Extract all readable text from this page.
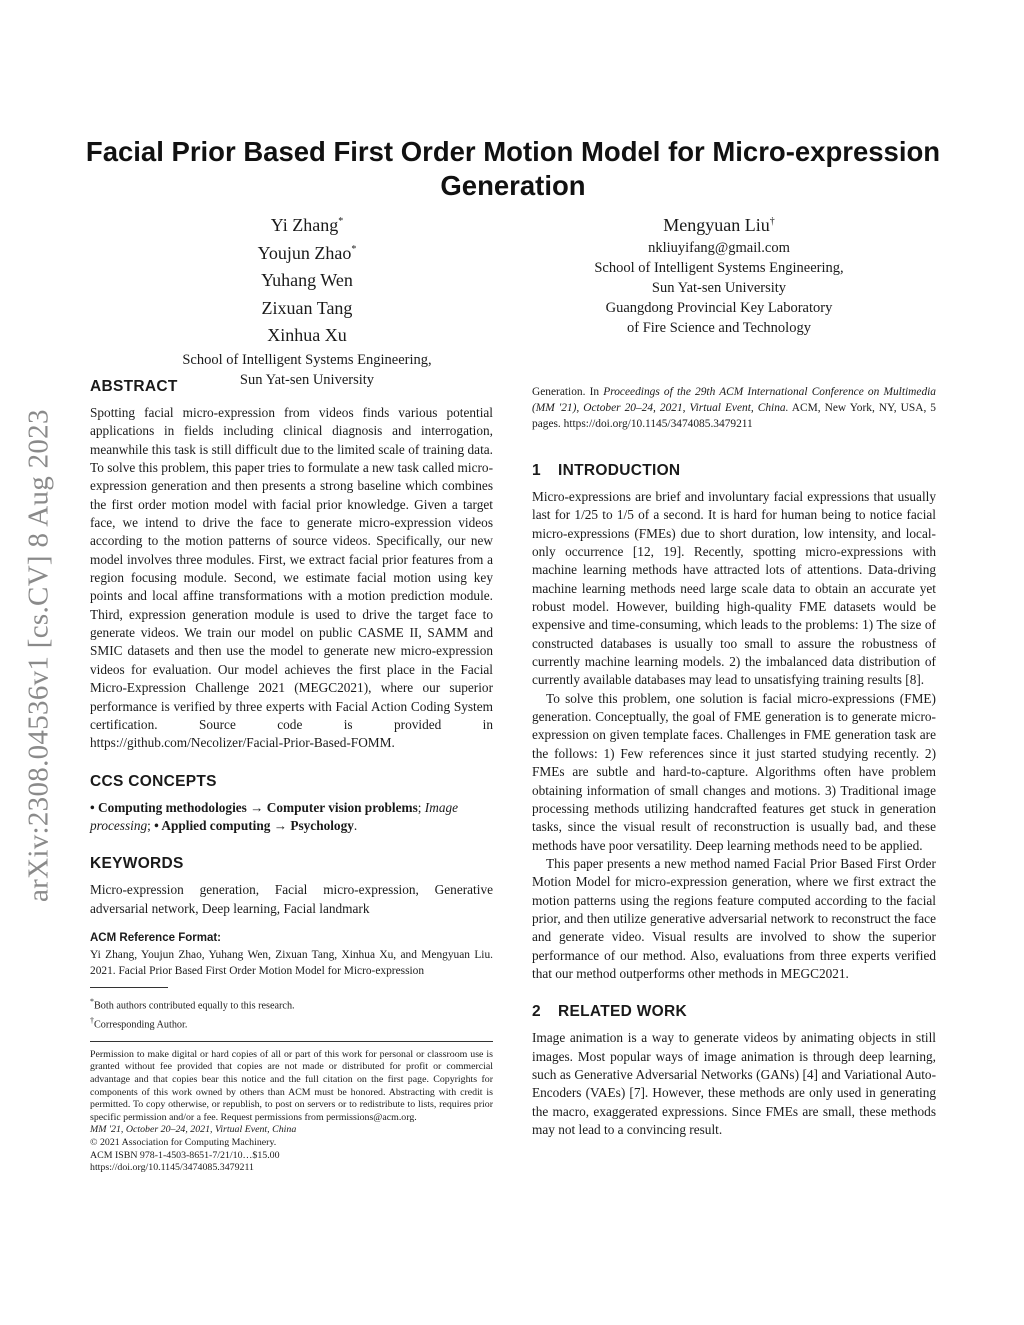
arXiv:2308.04536v1 [cs.CV] 8 Aug 2023
Facial Prior Based First Order Motion Model for Micro-expression Generation

Yi Zhang*

Youjun Zhao*

Yuhang Wen

Zixuan Tang

Xinhua Xu

School of Intelligent Systems Engineering,

Sun Yat-sen University

Mengyuan Liu†

nkliuyifang@gmail.com

School of Intelligent Systems Engineering,

Sun Yat-sen University

Guangdong Provincial Key Laboratory

of Fire Science and Technology

ABSTRACT

Spotting facial micro-expression from videos finds various potential applications in fields including clinical diagnosis and interrogation, meanwhile this task is still difficult due to the limited scale of training data. To solve this problem, this paper tries to formulate a new task called micro-expression generation and then presents a strong baseline which combines the first order motion model with facial prior knowledge. Given a target face, we intend to drive the face to generate micro-expression videos according to the motion patterns of source videos. Specifically, our new model involves three modules. First, we extract facial prior features from a region focusing module. Second, we estimate facial motion using key points and local affine transformations with a motion prediction module. Third, expression generation module is used to drive the target face to generate videos. We train our model on public CASME II, SAMM and SMIC datasets and then use the model to generate new micro-expression videos for evaluation. Our model achieves the first place in the Facial Micro-Expression Challenge 2021 (MEGC2021), where our superior performance is verified by three experts with Facial Action Coding System certification. Source code is provided in https://github.com/Necolizer/Facial-Prior-Based-FOMM.

CCS CONCEPTS

• Computing methodologies → Computer vision problems; Image processing; • Applied computing → Psychology.

KEYWORDS

Micro-expression generation, Facial micro-expression, Generative adversarial network, Deep learning, Facial landmark

ACM Reference Format:

Yi Zhang, Youjun Zhao, Yuhang Wen, Zixuan Tang, Xinhua Xu, and Mengyuan Liu. 2021. Facial Prior Based First Order Motion Model for Micro-expression

*Both authors contributed equally to this research.

†Corresponding Author.

Permission to make digital or hard copies of all or part of this work for personal or classroom use is granted without fee provided that copies are not made or distributed for profit or commercial advantage and that copies bear this notice and the full citation on the first page. Copyrights for components of this work owned by others than ACM must be honored. Abstracting with credit is permitted. To copy otherwise, or republish, to post on servers or to redistribute to lists, requires prior specific permission and/or a fee. Request permissions from permissions@acm.org.

MM '21, October 20–24, 2021, Virtual Event, China

© 2021 Association for Computing Machinery.

ACM ISBN 978-1-4503-8651-7/21/10…$15.00

https://doi.org/10.1145/3474085.3479211

Generation. In Proceedings of the 29th ACM International Conference on Multimedia (MM '21), October 20–24, 2021, Virtual Event, China. ACM, New York, NY, USA, 5 pages. https://doi.org/10.1145/3474085.3479211

1 INTRODUCTION

Micro-expressions are brief and involuntary facial expressions that usually last for 1/25 to 1/5 of a second. It is hard for human being to notice facial micro-expressions (FMEs) due to short duration, low intensity, and local-only occurrence [12, 19]. Recently, spotting micro-expressions with machine learning methods have attracted lots of attentions. Data-driving machine learning methods need large scale data to obtain an accurate yet robust model. However, building high-quality FME datasets would be expensive and time-consuming, which leads to the problems: 1) The size of constructed databases is usually too small to assure the robustness of currently machine learning models. 2) the imbalanced data distribution of currently available databases may lead to unsatisfying training results [8].

To solve this problem, one solution is facial micro-expressions (FME) generation. Conceptually, the goal of FME generation is to generate micro-expression on given template faces. Challenges in FME generation task are the follows: 1) Few references since it just started studying recently. 2) FMEs are subtle and hard-to-capture. Algorithms often have problem obtaining information of small changes and motions. 3) Traditional image processing methods utilizing handcrafted features get stuck in generation tasks, since the visual result of reconstruction is usually bad, and these methods have poor versatility. Deep learning methods need to be applied.

This paper presents a new method named Facial Prior Based First Order Motion Model for micro-expression generation, where we first extract the motion patterns using the regions feature computed according to the facial prior, and then utilize generative adversarial network to reconstruct the face and generate video. Visual results are involved to show the superior performance of our method. Also, evaluations from three experts verified that our method outperforms other methods in MEGC2021.

2 RELATED WORK

Image animation is a way to generate videos by animating objects in still images. Most popular ways of image animation is through deep learning, such as Generative Adversarial Networks (GANs) [4] and Variational Auto-Encoders (VAEs) [7]. However, these methods are only used in generating the macro, exaggerated expressions. Since FMEs are small, these methods may not lead to a convincing result.
